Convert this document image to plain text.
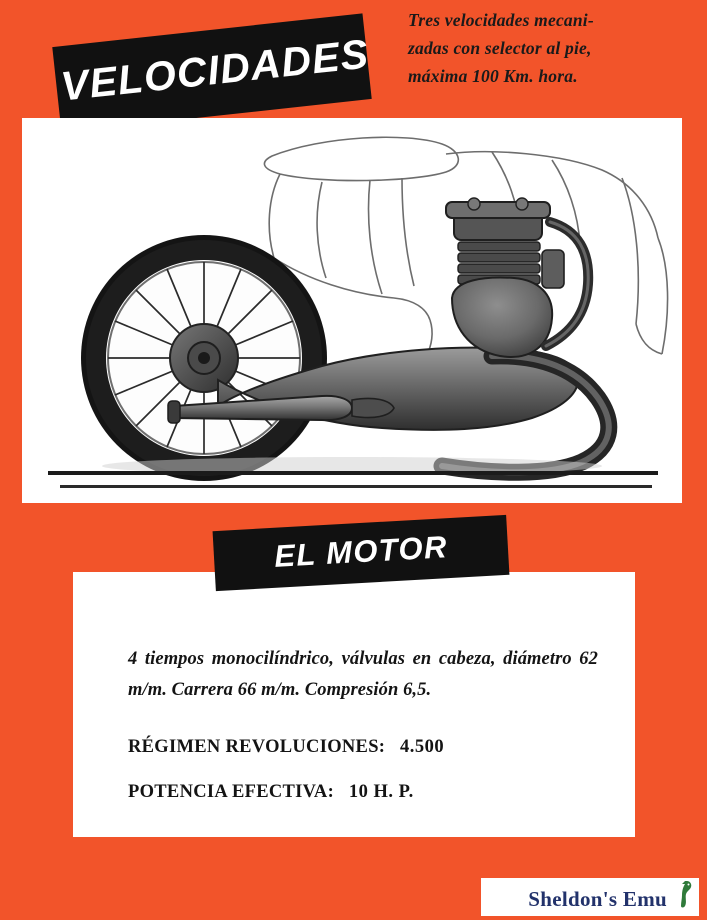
Tres velocidades mecani-
zadas con selector al pie,
máxima 100 Km. hora.
VELOCIDADES
EL MOTOR

4 tiempos monocilíndrico, válvulas en cabeza, diámetro 62 m/m. Carrera 66 m/m. Compresión 6,5.

RÉGIMEN REVOLUCIONES: 4.500

POTENCIA EFECTIVA: 10 H. P.

Sheldon's Emu
